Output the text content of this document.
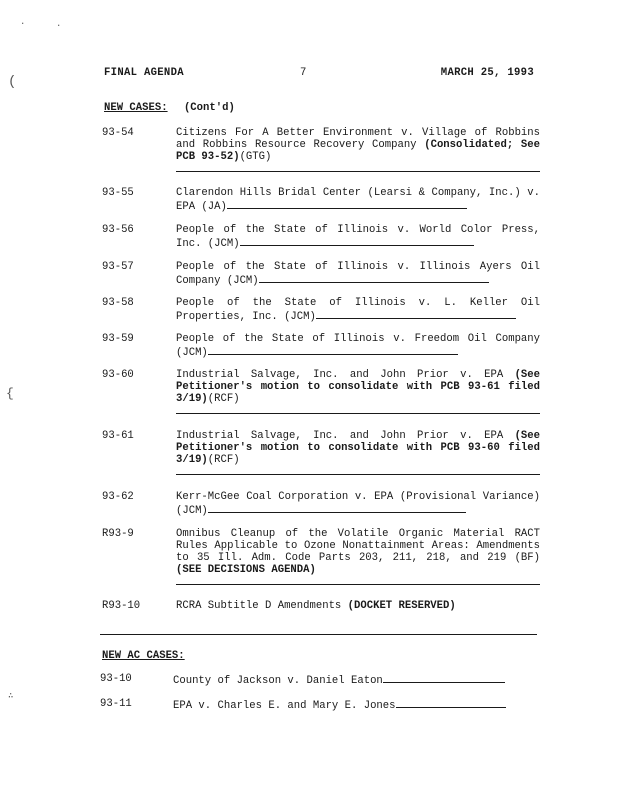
FINAL AGENDA	7	MARCH 25, 1993
NEW CASES: (Cont'd)
93-54	Citizens For A Better Environment v. Village of Robbins and Robbins Resource Recovery Company (Consolidated; See PCB 93-52)(GTG)
93-55	Clarendon Hills Bridal Center (Learsi & Company, Inc.) v. EPA (JA)
93-56	People of the State of Illinois v. World Color Press, Inc. (JCM)
93-57	People of the State of Illinois v. Illinois Ayers Oil Company (JCM)
93-58	People of the State of Illinois v. L. Keller Oil Properties, Inc. (JCM)
93-59	People of the State of Illinois v. Freedom Oil Company (JCM)
93-60	Industrial Salvage, Inc. and John Prior v. EPA (See Petitioner's motion to consolidate with PCB 93-61 filed 3/19)(RCF)
93-61	Industrial Salvage, Inc. and John Prior v. EPA (See Petitioner's motion to consolidate with PCB 93-60 filed 3/19)(RCF)
93-62	Kerr-McGee Coal Corporation v. EPA (Provisional Variance) (JCM)
R93-9	Omnibus Cleanup of the Volatile Organic Material RACT Rules Applicable to Ozone Nonattainment Areas: Amendments to 35 Ill. Adm. Code Parts 203, 211, 218, and 219 (BF) (SEE DECISIONS AGENDA)
R93-10	RCRA Subtitle D Amendments (DOCKET RESERVED)
NEW AC CASES:
93-10	County of Jackson v. Daniel Eaton
93-11	EPA v. Charles E. and Mary E. Jones
·	·
(
{
∴
